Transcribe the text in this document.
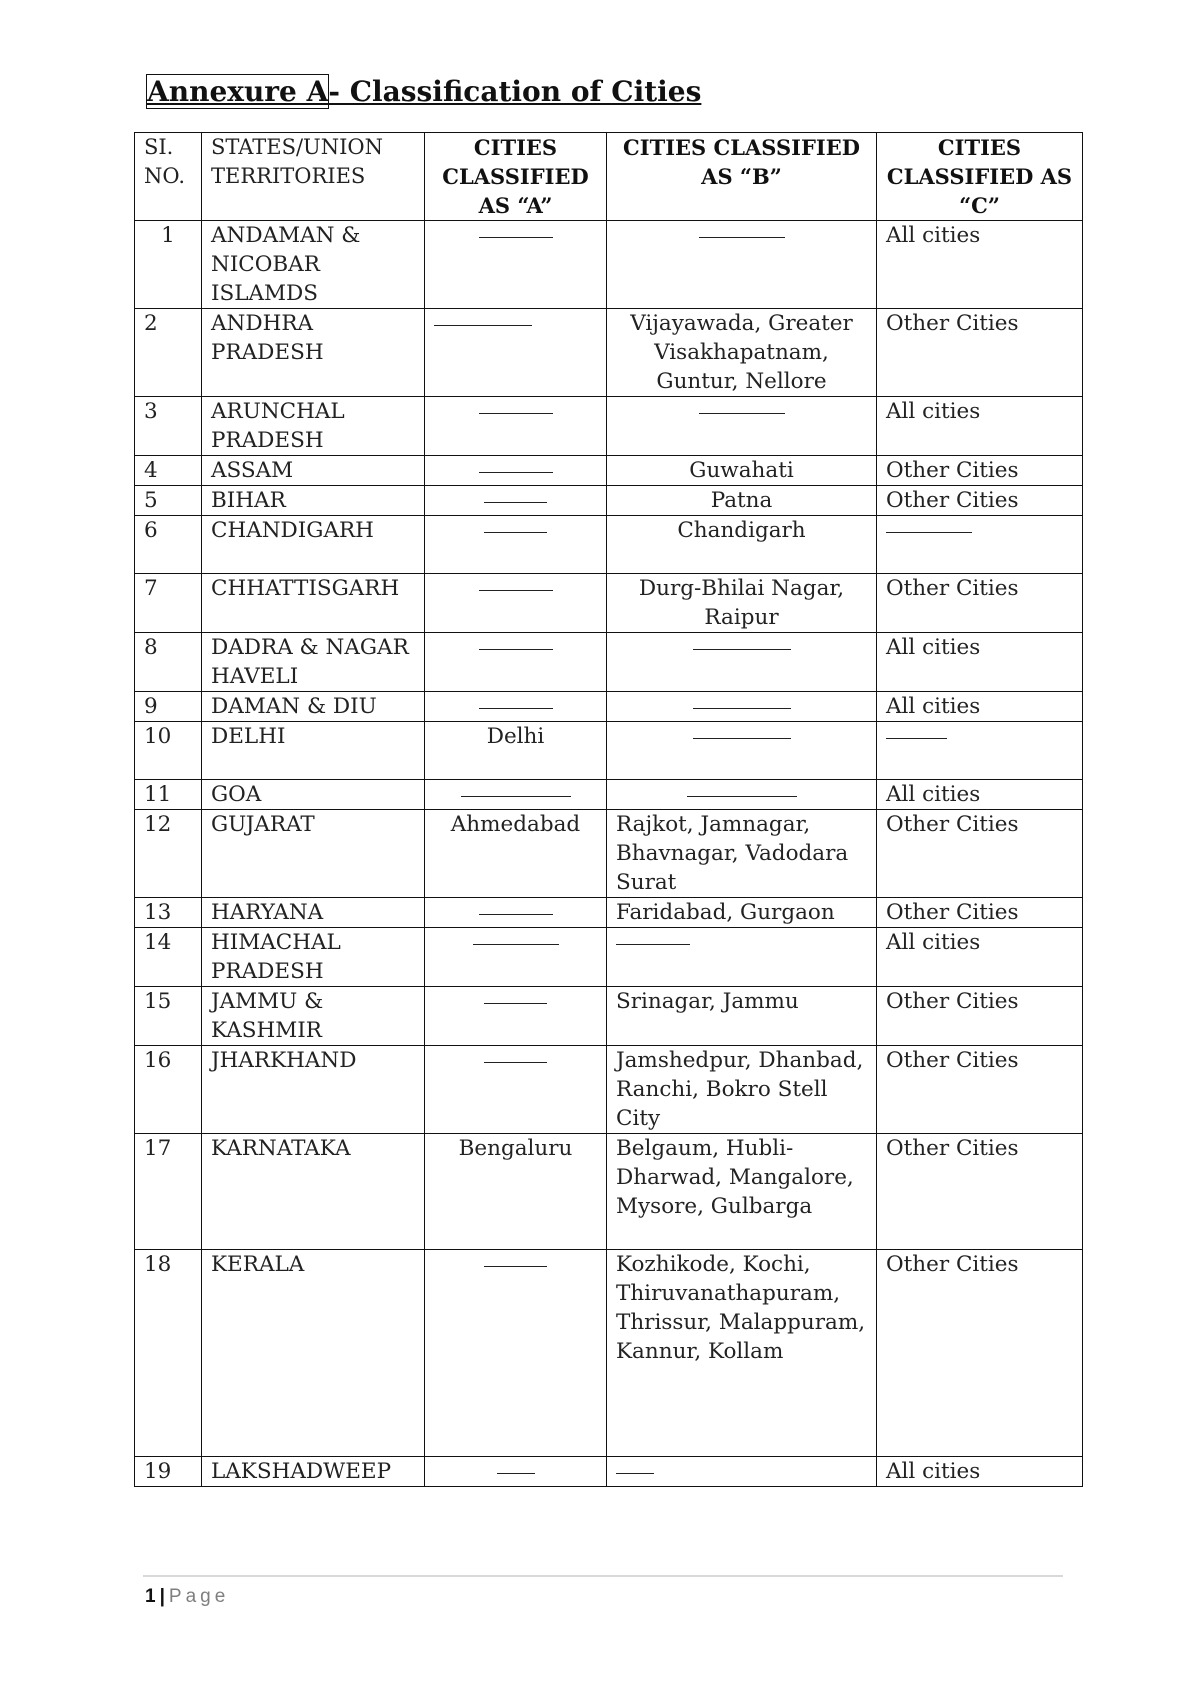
Annexure A- Classification of Cities
SI. NO.	STATES/UNION TERRITORIES	CITIES CLASSIFIED AS “A”	CITIES CLASSIFIED AS “B”	CITIES CLASSIFIED AS “C”
1	ANDAMAN & NICOBAR ISLAMDS			All cities
2	ANDHRA PRADESH		Vijayawada, Greater Visakhapatnam, Guntur, Nellore	Other Cities
3	ARUNCHAL PRADESH			All cities
4	ASSAM		Guwahati	Other Cities
5	BIHAR		Patna	Other Cities
6	CHANDIGARH		Chandigarh	
7	CHHATTISGARH		Durg-Bhilai Nagar, Raipur	Other Cities
8	DADRA & NAGAR HAVELI			All cities
9	DAMAN & DIU			All cities
10	DELHI	Delhi		
11	GOA			All cities
12	GUJARAT	Ahmedabad	Rajkot, Jamnagar, Bhavnagar, Vadodara Surat	Other Cities
13	HARYANA		Faridabad, Gurgaon	Other Cities
14	HIMACHAL PRADESH			All cities
15	JAMMU & KASHMIR		Srinagar, Jammu	Other Cities
16	JHARKHAND		Jamshedpur, Dhanbad, Ranchi, Bokro Stell City	Other Cities
17	KARNATAKA	Bengaluru	Belgaum, Hubli-Dharwad, Mangalore, Mysore, Gulbarga	Other Cities
18	KERALA		Kozhikode, Kochi, Thiruvanathapuram, Thrissur, Malappuram, Kannur, Kollam	Other Cities
19	LAKSHADWEEP			All cities
1 | Page
